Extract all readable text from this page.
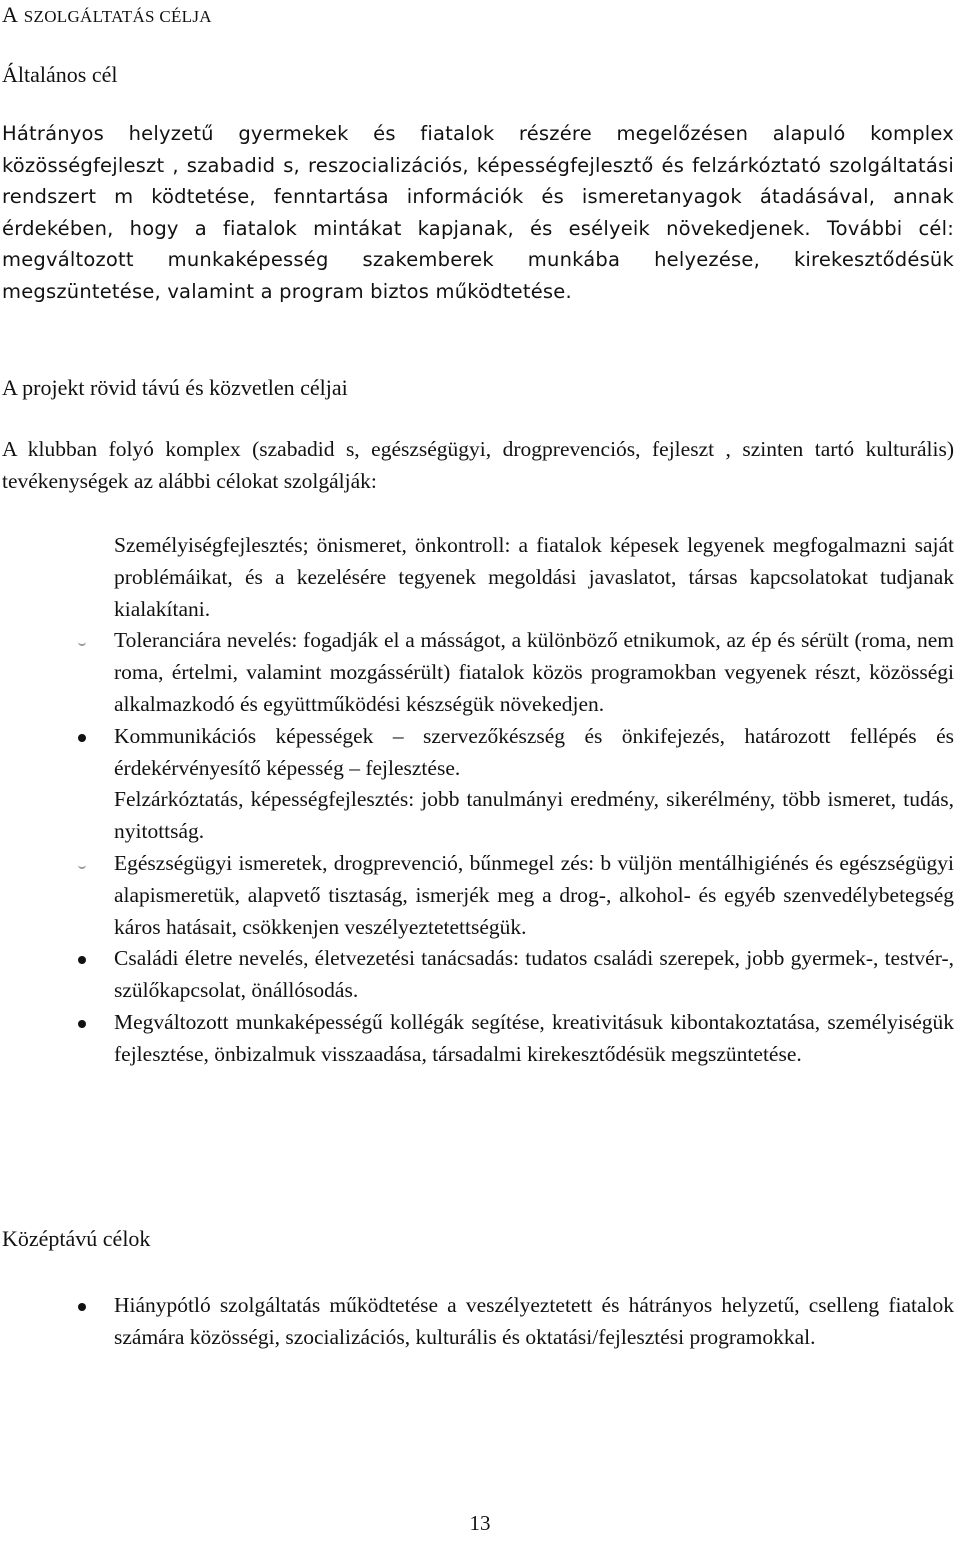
A SZOLGÁLTATÁS CÉLJA
Általános cél

Hátrányos helyzetű gyermekek és fiatalok részére megelőzésen alapuló komplex közösségfejleszt , szabadid s, reszocializációs, képességfejlesztő és felzárkóztató szolgáltatási rendszert m ködtetése, fenntartása információk és ismeretanyagok átadásával, annak érdekében, hogy a fiatalok mintákat kapjanak, és esélyeik növekedjenek. További cél: megváltozott munkaképesség szakemberek munkába helyezése, kirekesztődésük megszüntetése, valamint a program biztos működtetése.

A projekt rövid távú és közvetlen céljai

A klubban folyó komplex (szabadid s, egészségügyi, drogprevenciós, fejleszt , szinten tartó kulturális) tevékenységek az alábbi célokat szolgálják:

Személyiségfejlesztés; önismeret, önkontroll: a fiatalok képesek legyenek megfogalmazni saját problémáikat, és a kezelésére tegyenek megoldási javaslatot, társas kapcsolatokat tudjanak kialakítani.
Toleranciára nevelés: fogadják el a másságot, a különböző etnikumok, az ép és sérült (roma, nem roma, értelmi, valamint mozgássérült) fiatalok közös programokban vegyenek részt, közösségi alkalmazkodó és együttműködési készségük növekedjen.
Kommunikációs képességek – szervezőkészség és önkifejezés, határozott fellépés és érdekérvényesítő képesség – fejlesztése.
Felzárkóztatás, képességfejlesztés: jobb tanulmányi eredmény, sikerélmény, több ismeret, tudás, nyitottság.
Egészségügyi ismeretek, drogprevenció, bűnmegel zés: b vüljön mentálhigiénés és egészségügyi alapismeretük, alapvető tisztaság, ismerjék meg a drog-, alkohol- és egyéb szenvedélybetegség káros hatásait, csökkenjen veszélyeztetettségük.
Családi életre nevelés, életvezetési tanácsadás: tudatos családi szerepek, jobb gyermek-, testvér-, szülőkapcsolat, önállósodás.
Megváltozott munkaképességű kollégák segítése, kreativitásuk kibontakoztatása, személyiségük fejlesztése, önbizalmuk visszaadása, társadalmi kirekesztődésük megszüntetése.
Középtávú célok
Hiánypótló szolgáltatás működtetése a veszélyeztetett és hátrányos helyzetű, cselleng fiatalok számára közösségi, szocializációs, kulturális és oktatási/fejlesztési programokkal.
13
